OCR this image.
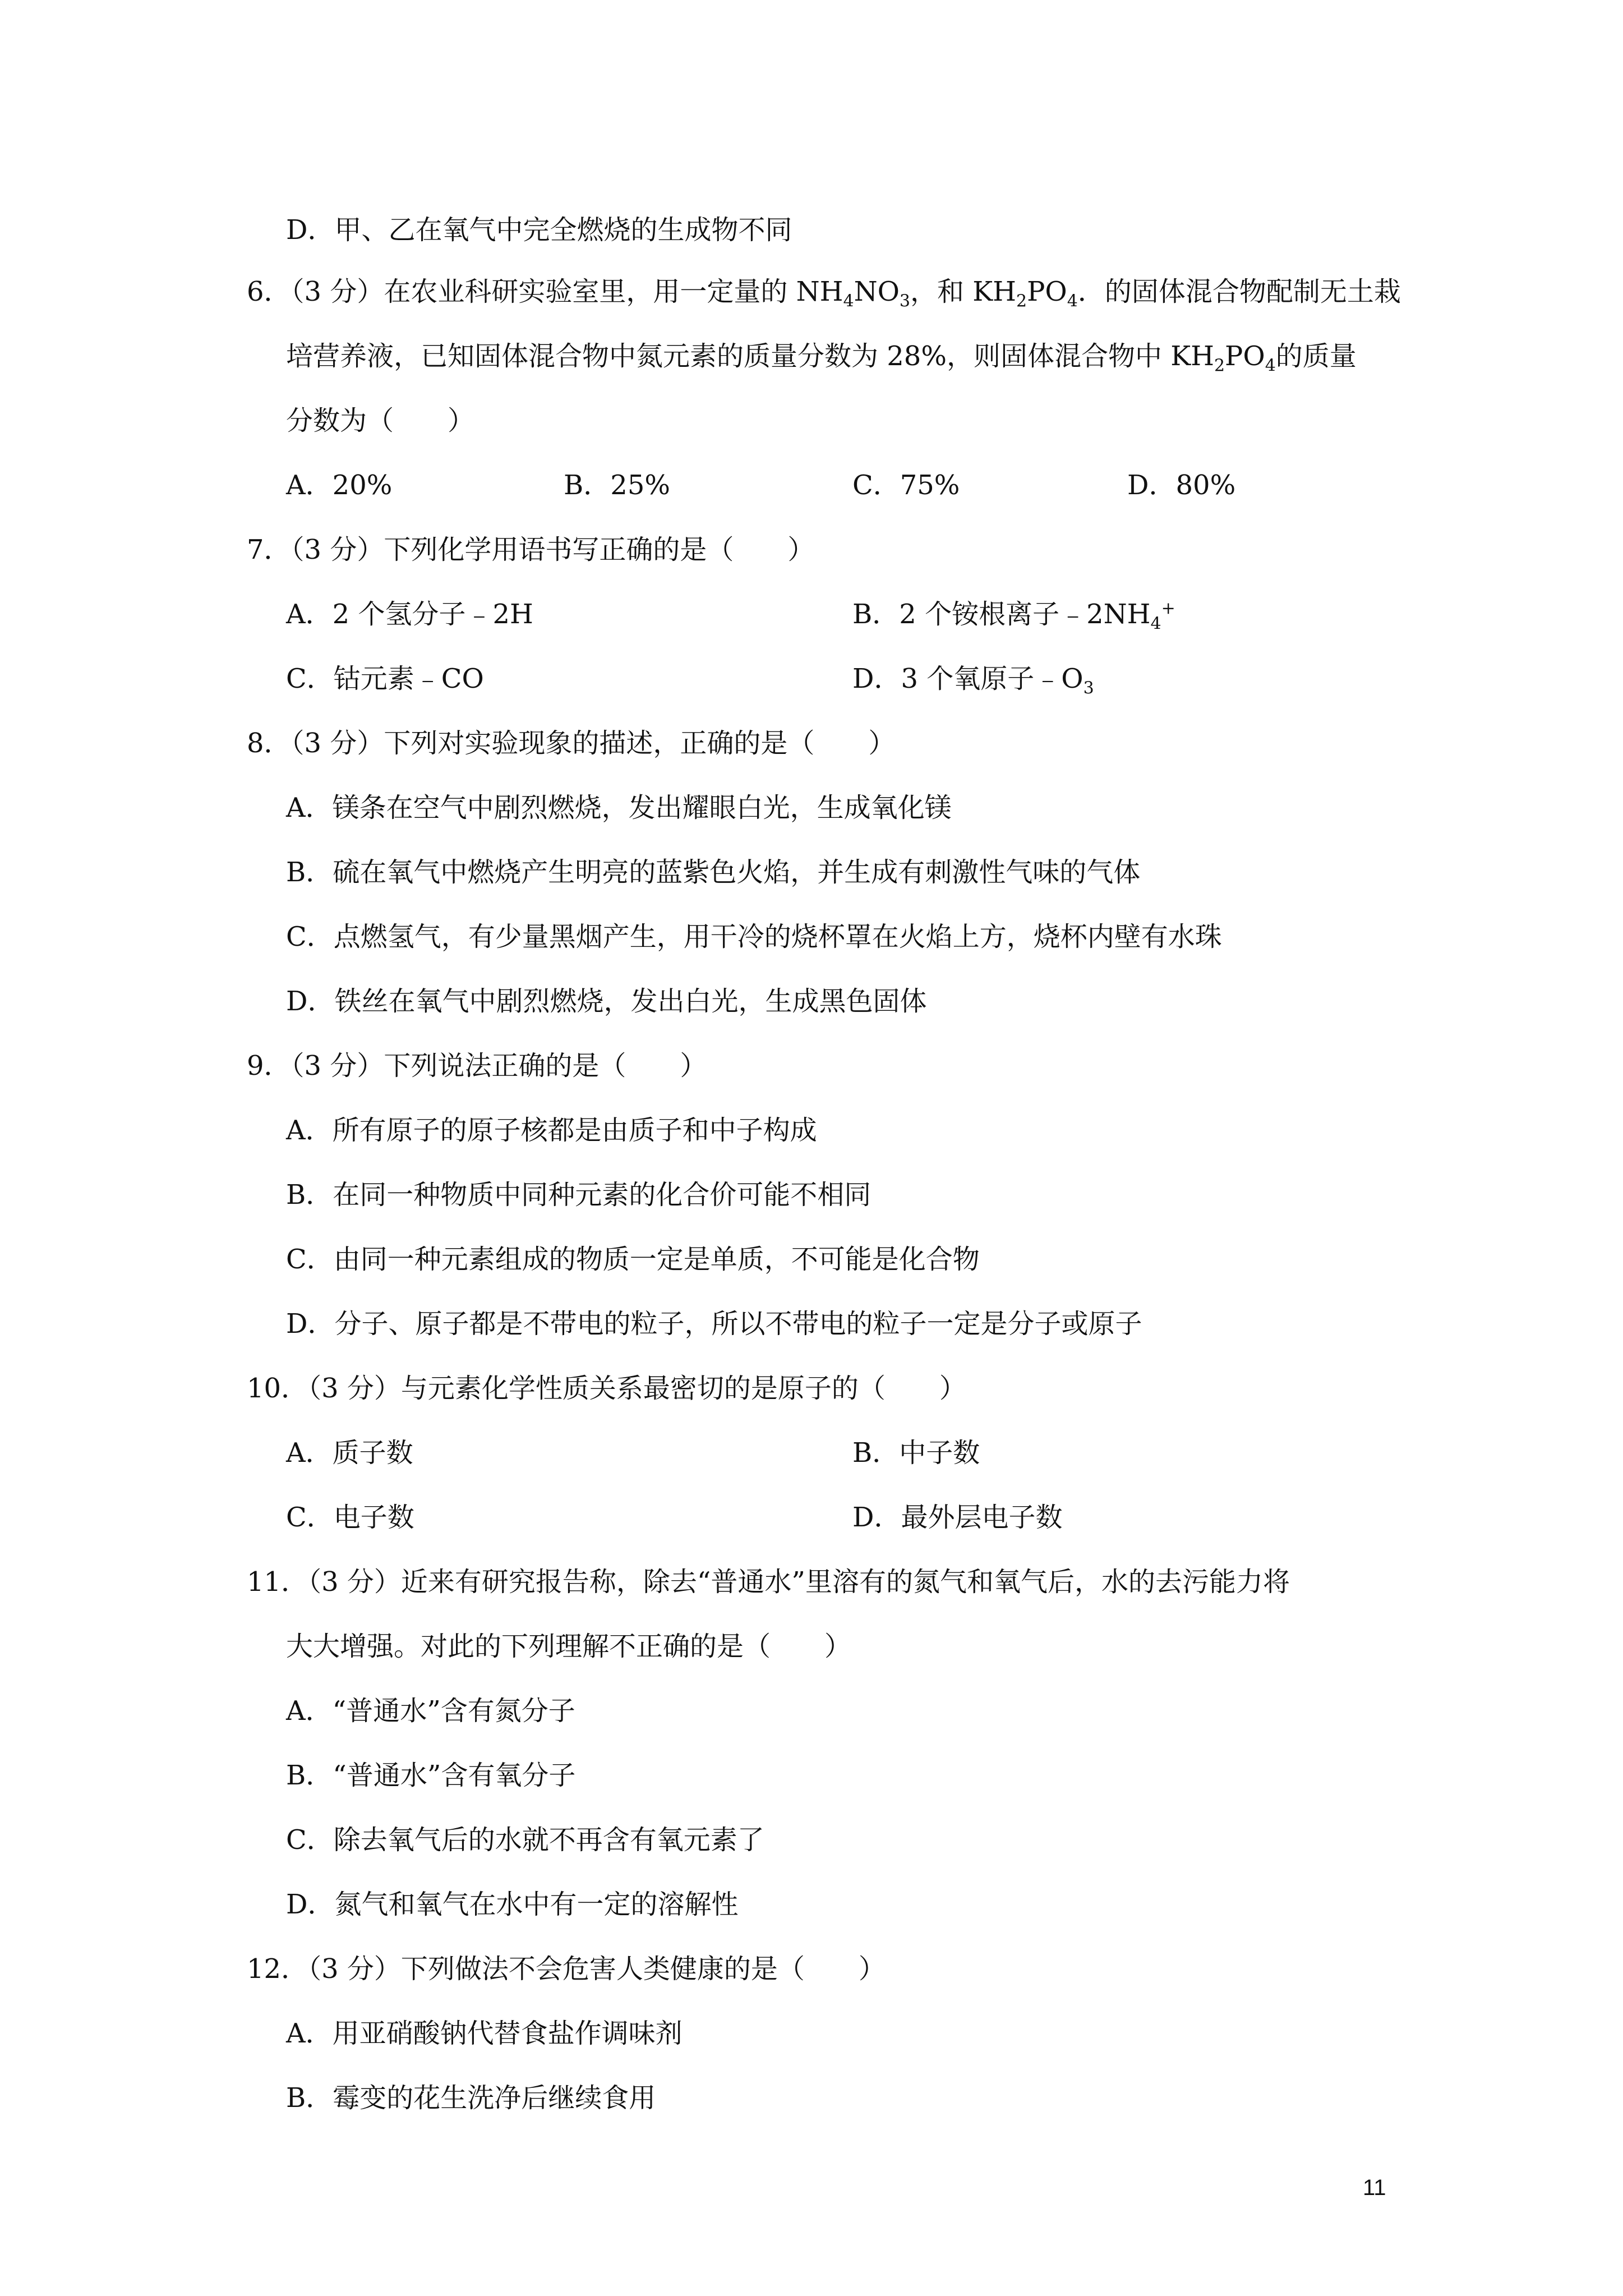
D．甲、乙在氧气中完全燃烧的生成物不同
6．（3 分）在农业科研实验室里，用一定量的 $NH_4NO_3$，和 $KH_2PO_4$．的固体混合物配制无土栽
培营养液，已知固体混合物中氮元素的质量分数为 28%，则固体混合物中 $KH_2PO_4$的质量
分数为（　　）
A．20%	B．25%	C．75%	D．80%
7．（3 分）下列化学用语书写正确的是（　　）
A．2 个氢分子﹣2H	B．2 个铵根离子$﹣2NH_4^+$
C．钴元素﹣CO	D．3 个氧原子$﹣O_3$
8．（3 分）下列对实验现象的描述，正确的是（　　）
A．镁条在空气中剧烈燃烧，发出耀眼白光，生成氧化镁
B．硫在氧气中燃烧产生明亮的蓝紫色火焰，并生成有刺激性气味的气体
C．点燃氢气，有少量黑烟产生，用干冷的烧杯罩在火焰上方，烧杯内壁有水珠
D．铁丝在氧气中剧烈燃烧，发出白光，生成黑色固体
9．（3 分）下列说法正确的是（　　）
A．所有原子的原子核都是由质子和中子构成
B．在同一种物质中同种元素的化合价可能不相同
C．由同一种元素组成的物质一定是单质，不可能是化合物
D．分子、原子都是不带电的粒子，所以不带电的粒子一定是分子或原子
10．（3 分）与元素化学性质关系最密切的是原子的（　　）
A．质子数	B．中子数
C．电子数	D．最外层电子数
11．（3 分）近来有研究报告称，除去“普通水”里溶有的氮气和氧气后，水的去污能力将
大大增强。对此的下列理解不正确的是（　　）
A．“普通水”含有氮分子
B．“普通水”含有氧分子
C．除去氧气后的水就不再含有氧元素了
D．氮气和氧气在水中有一定的溶解性
12．（3 分）下列做法不会危害人类健康的是（　　）
A．用亚硝酸钠代替食盐作调味剂
B．霉变的花生洗净后继续食用
11
